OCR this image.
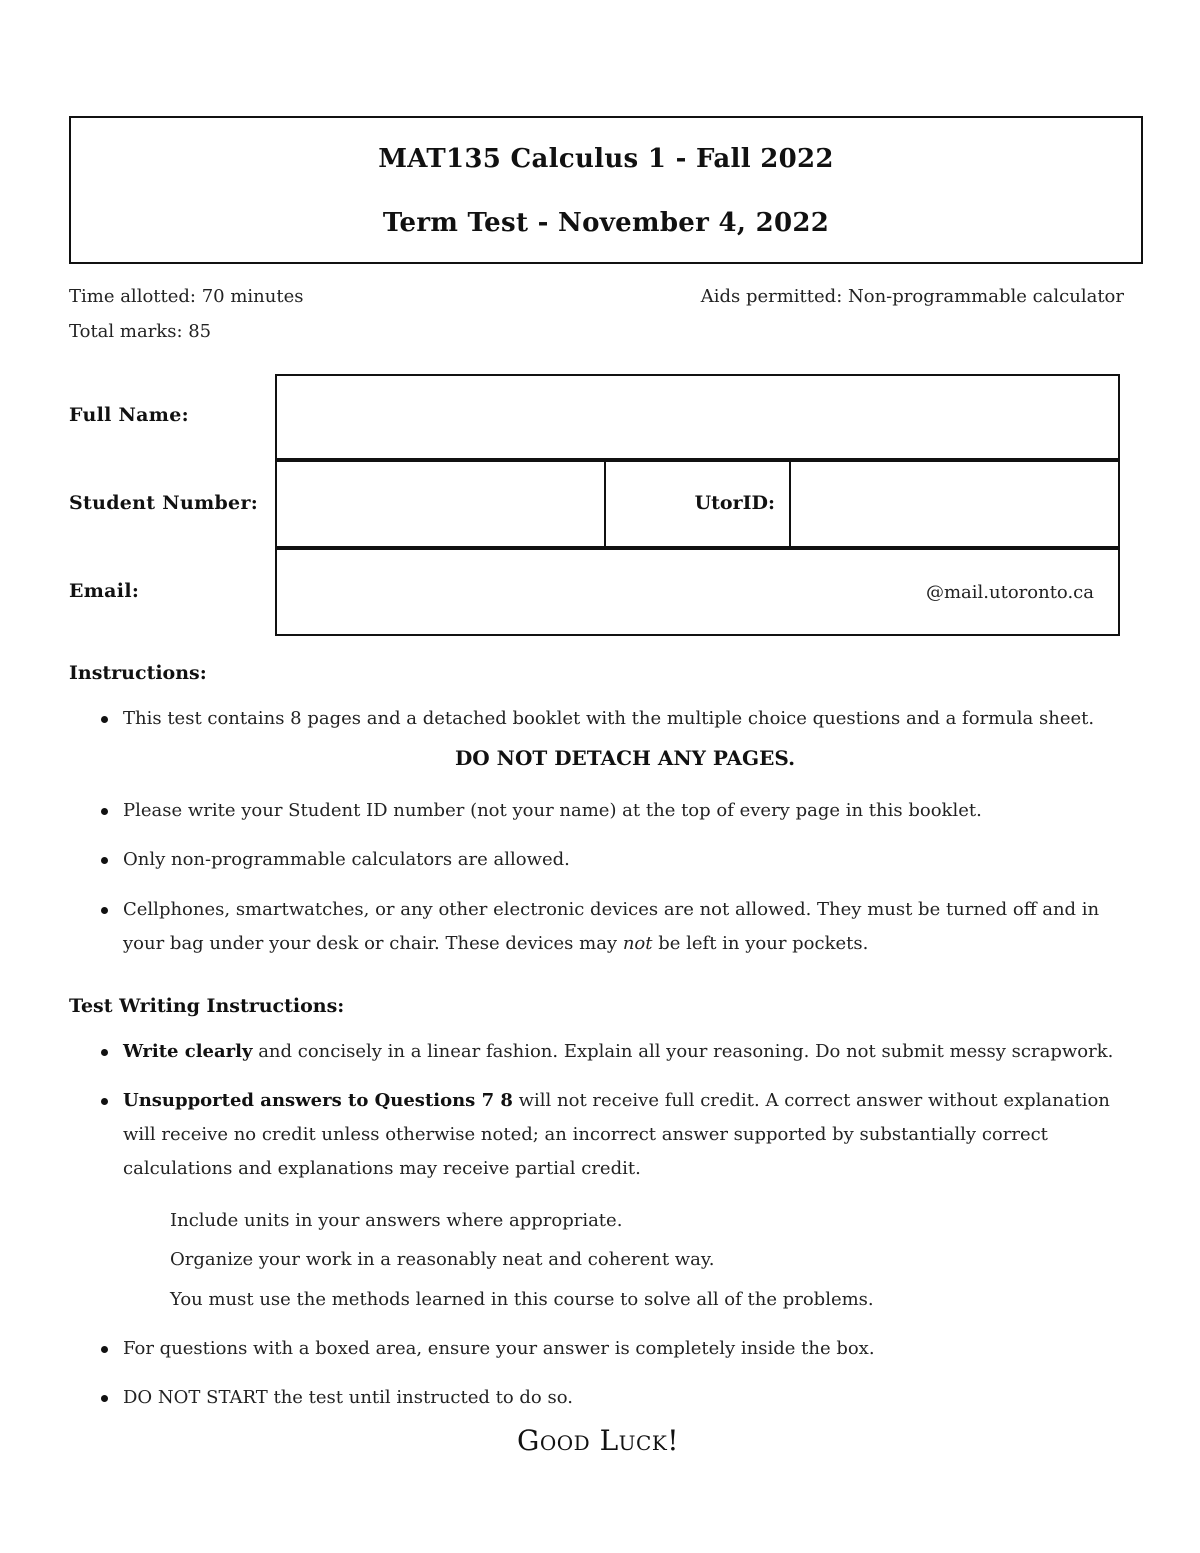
MAT135 Calculus 1 - Fall 2022
Term Test - November 4, 2022
Time allotted: 70 minutes
Total marks: 85
Aids permitted: Non-programmable calculator
Full Name:
Student Number:
Email:
UtorID:
@mail.utoronto.ca
Instructions:
This test contains 8 pages and a detached booklet with the multiple choice questions and a formula sheet.
DO NOT DETACH ANY PAGES.
Please write your Student ID number (not your name) at the top of every page in this booklet.
Only non-programmable calculators are allowed.
Cellphones, smartwatches, or any other electronic devices are not allowed. They must be turned off and in your bag under your desk or chair. These devices may not be left in your pockets.
Test Writing Instructions:
Write clearly and concisely in a linear fashion. Explain all your reasoning. Do not submit messy scrapwork.
Unsupported answers to Questions 7 8 will not receive full credit. A correct answer without explanation will receive no credit unless otherwise noted; an incorrect answer supported by substantially correct calculations and explanations may receive partial credit.
Include units in your answers where appropriate.
Organize your work in a reasonably neat and coherent way.
You must use the methods learned in this course to solve all of the problems.
For questions with a boxed area, ensure your answer is completely inside the box.
DO NOT START the test until instructed to do so.
Good Luck!
